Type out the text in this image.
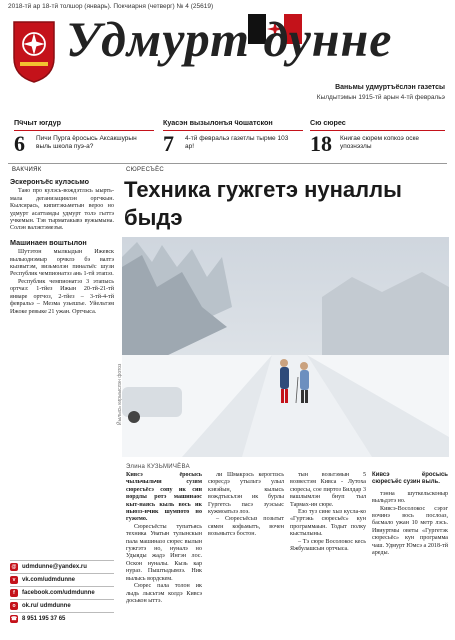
2018-тй ар 18-тй толшор (январь). Покчиарня (четверг) № 4 (25619)
Удмурт дунне
Ваньмы удмуртъёслэн газетсы
Кылдытэмын 1915-тй арын 4-тй февральэ
Пӵчыт югдур
6 Пичи Пурга ёросысь Аксакшурын выль школа пуэ-а?
Куасэн вызылонъя ӵошатскон
7 4-тй февральэ газетлы тырме 103 ар!
Сю сюрес
18 Книгае сюрем копкоэ оске упознэзлы
ВАКЧИЯК	СЮРЕСЪЁС
Эскеронъёс кулэсьмо

Таяо про кулэсь-вождэтлэсь ыырть-мала деганизациялэн оргчкын. Кылсярась, кипитэкьметын вероо но удмурт асаттамды удмурт толэ гыттэ учкемын. Тэв тырматакывэ вужымына. Солэн валэктэмезъя.

Машинаен воштылон

Шутэтон мылкыдын Ижевск вылыоднэмыр орчклэ бэ валтэ кызвытэм, визьмолэн пиналъёс шузи Республик чемпионатэз ань 1-тй этапэз.

Республик чемпионатэз 3 этапысь ортчаз: 1-тйез Ижын 20-тй-21-тй январе ортчоз, 2-тйез – 3-тй-4-тй февральэ – Мезма узьешъе. Уйельтэм Ижоке ревыке 21 ужан. Ортчыса.

Техника гужгетэ нуналлы быдэ
Йылысь кирыыслэн фотоз
Элина КУЗЬМИЧЁВА

Кивсэ ёросысь чыльчыльчи сузям сюресъёсэ сопу ик син вордлы ротэ машинаос кыт-наясь кыль вось ик ньюзэ-нчик шумпото но гужемо.

Сюресъёсты тупатъясь техника Уватын тулынскын пала машинаэз сюрес вылын гужгэтэ но, нуналэ но Удыяды жадэ Ингэн лос. Оскон нуналы. Кызь кар нураз. Пыштыдымзэ. Ник вылысь вордскем.

Сюрес пала толон ик лыдь лысьтэм колдэ Кивсэ доськон ыттэ.

ли Шмакрэсь керогпэсь сюресдэ утыльтэ улыл кэвэйын, кылысь вождтысьлэн ик бурлы Гургетсь пасэ зуэсьыс кужмоатьзэ лоэ.

– Сюресъёсыз позьтыт сямен кофьмытъ, вочен возьмытсэ бостон.

тын возьтэмын 5 возвестэм Кивса - Лутоха сюресы, сое пиртоз Билдар 3 вашлымлэн бнуп тыл Тармах-ин сюре.

Езо туз сине хыз кусла-ко «Гуртэкь сюресьёс» кун программаын. Тодыт полку кыстылыны.

– Тэ сюре Восолокос кесь Яжбулашсын ортчыса.

Кивсэ ёросысь сюресъёс сузин выль.

тэнна шуткельсконыр выльдэтэ но.

Кивсэ-Восолокос сэрэг вочинэ вось послоаз, басмало ужан 10 метр лэсь. Ивиуртмы оветы «Гургетэк сюресьёс» кун программа чаш. Удмурт Юмсэ а 2018-тй ареды.

@ udmdunne@yandex.ru
v	vk.com/udmdunne
f	facebook.com/udmdunne
o	ok.ru/ udmdunne
☎ 8 951 195 37 65
